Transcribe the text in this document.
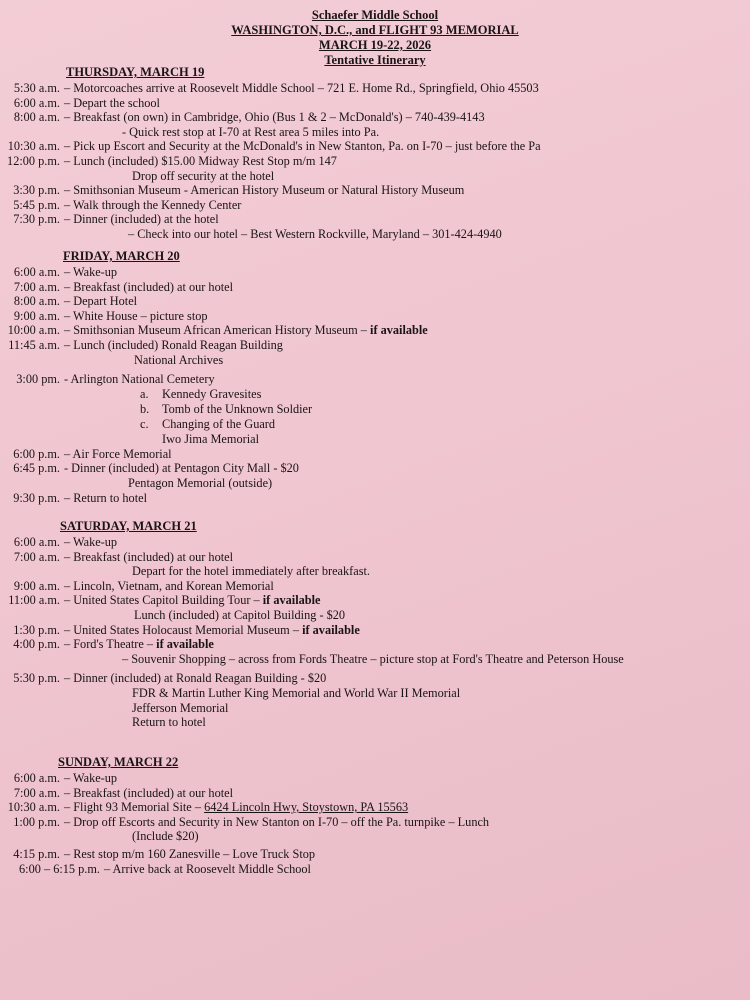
Schaefer Middle School
WASHINGTON, D.C., and FLIGHT 93 MEMORIAL
MARCH 19-22, 2026
Tentative Itinerary
THURSDAY, MARCH 19
5:30 a.m. – Motorcoaches arrive at Roosevelt Middle School – 721 E. Home Rd., Springfield, Ohio 45503
6:00 a.m. – Depart the school
8:00 a.m. – Breakfast (on own) in Cambridge, Ohio (Bus 1 & 2 – McDonald's) – 740-439-4143
- Quick rest stop at I-70 at Rest area 5 miles into Pa.
10:30 a.m. – Pick up Escort and Security at the McDonald's in New Stanton, Pa. on I-70 – just before the Pa
12:00 p.m. – Lunch (included) $15.00 Midway Rest Stop m/m 147
Drop off security at the hotel
3:30 p.m. – Smithsonian Museum - American History Museum or Natural History Museum
5:45 p.m. – Walk through the Kennedy Center
7:30 p.m. – Dinner (included) at the hotel
– Check into our hotel – Best Western Rockville, Maryland – 301-424-4940
FRIDAY, MARCH 20
6:00 a.m. – Wake-up
7:00 a.m. – Breakfast (included) at our hotel
8:00 a.m. – Depart Hotel
9:00 a.m. – White House – picture stop
10:00 a.m. – Smithsonian Museum African American History Museum – if available
11:45 a.m. – Lunch (included) Ronald Reagan Building
National Archives
3:00 pm. - Arlington National Cemetery
a. Kennedy Gravesites
b. Tomb of the Unknown Soldier
c. Changing of the Guard
Iwo Jima Memorial
6:00 p.m. – Air Force Memorial
6:45 p.m. - Dinner (included) at Pentagon City Mall - $20
Pentagon Memorial (outside)
9:30 p.m. – Return to hotel
SATURDAY, MARCH 21
6:00 a.m. – Wake-up
7:00 a.m. – Breakfast (included) at our hotel
Depart for the hotel immediately after breakfast.
9:00 a.m. – Lincoln, Vietnam, and Korean Memorial
11:00 a.m. – United States Capitol Building Tour – if available
Lunch (included) at Capitol Building - $20
1:30 p.m. – United States Holocaust Memorial Museum – if available
4:00 p.m. – Ford's Theatre – if available
– Souvenir Shopping – across from Fords Theatre – picture stop at Ford's Theatre and Peterson House
5:30 p.m. – Dinner (included) at Ronald Reagan Building - $20
FDR & Martin Luther King Memorial and World War II Memorial
Jefferson Memorial
Return to hotel
SUNDAY, MARCH 22
6:00 a.m. – Wake-up
7:00 a.m. – Breakfast (included) at our hotel
10:30 a.m. – Flight 93 Memorial Site – 6424 Lincoln Hwy, Stoystown, PA 15563
1:00 p.m. – Drop off Escorts and Security in New Stanton on I-70 – off the Pa. turnpike – Lunch
(Include $20)
4:15 p.m. – Rest stop m/m 160 Zanesville – Love Truck Stop
6:00 – 6:15 p.m. – Arrive back at Roosevelt Middle School
